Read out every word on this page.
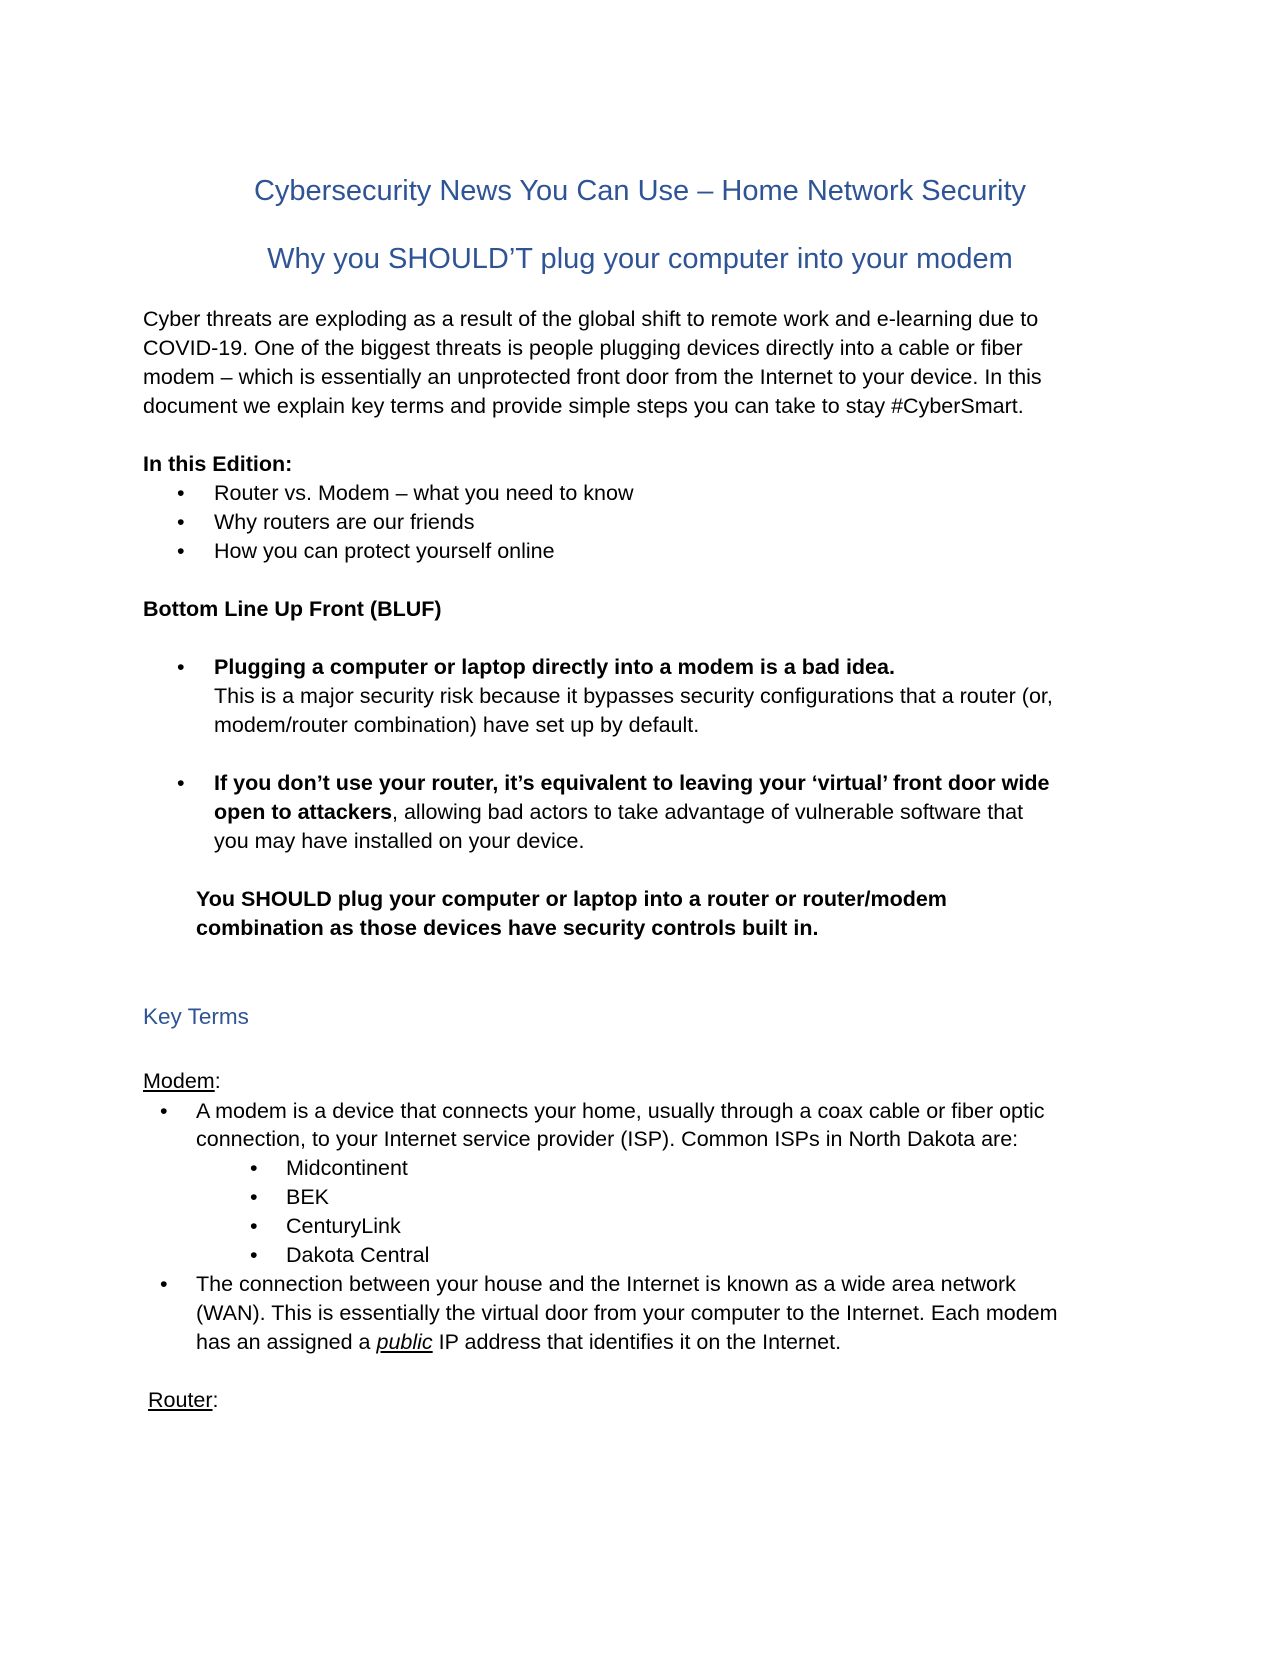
Cybersecurity News You Can Use – Home Network Security
Why you SHOULD’T plug your computer into your modem
Cyber threats are exploding as a result of the global shift to remote work and e-learning due to
COVID-19. One of the biggest threats is people plugging devices directly into a cable or fiber
modem – which is essentially an unprotected front door from the Internet to your device. In this
document we explain key terms and provide simple steps you can take to stay #CyberSmart.
In this Edition:
• Router vs. Modem – what you need to know
• Why routers are our friends
• How you can protect yourself online
Bottom Line Up Front (BLUF)
• Plugging a computer or laptop directly into a modem is a bad idea.
This is a major security risk because it bypasses security configurations that a router (or,
modem/router combination) have set up by default.
• If you don’t use your router, it’s equivalent to leaving your ‘virtual’ front door wide
open to attackers, allowing bad actors to take advantage of vulnerable software that
you may have installed on your device.
You SHOULD plug your computer or laptop into a router or router/modem
combination as those devices have security controls built in.
Key Terms
Modem:
• A modem is a device that connects your home, usually through a coax cable or fiber optic
connection, to your Internet service provider (ISP). Common ISPs in North Dakota are:
• Midcontinent
• BEK
• CenturyLink
• Dakota Central
• The connection between your house and the Internet is known as a wide area network
(WAN). This is essentially the virtual door from your computer to the Internet. Each modem
has an assigned a public IP address that identifies it on the Internet.
Router:
